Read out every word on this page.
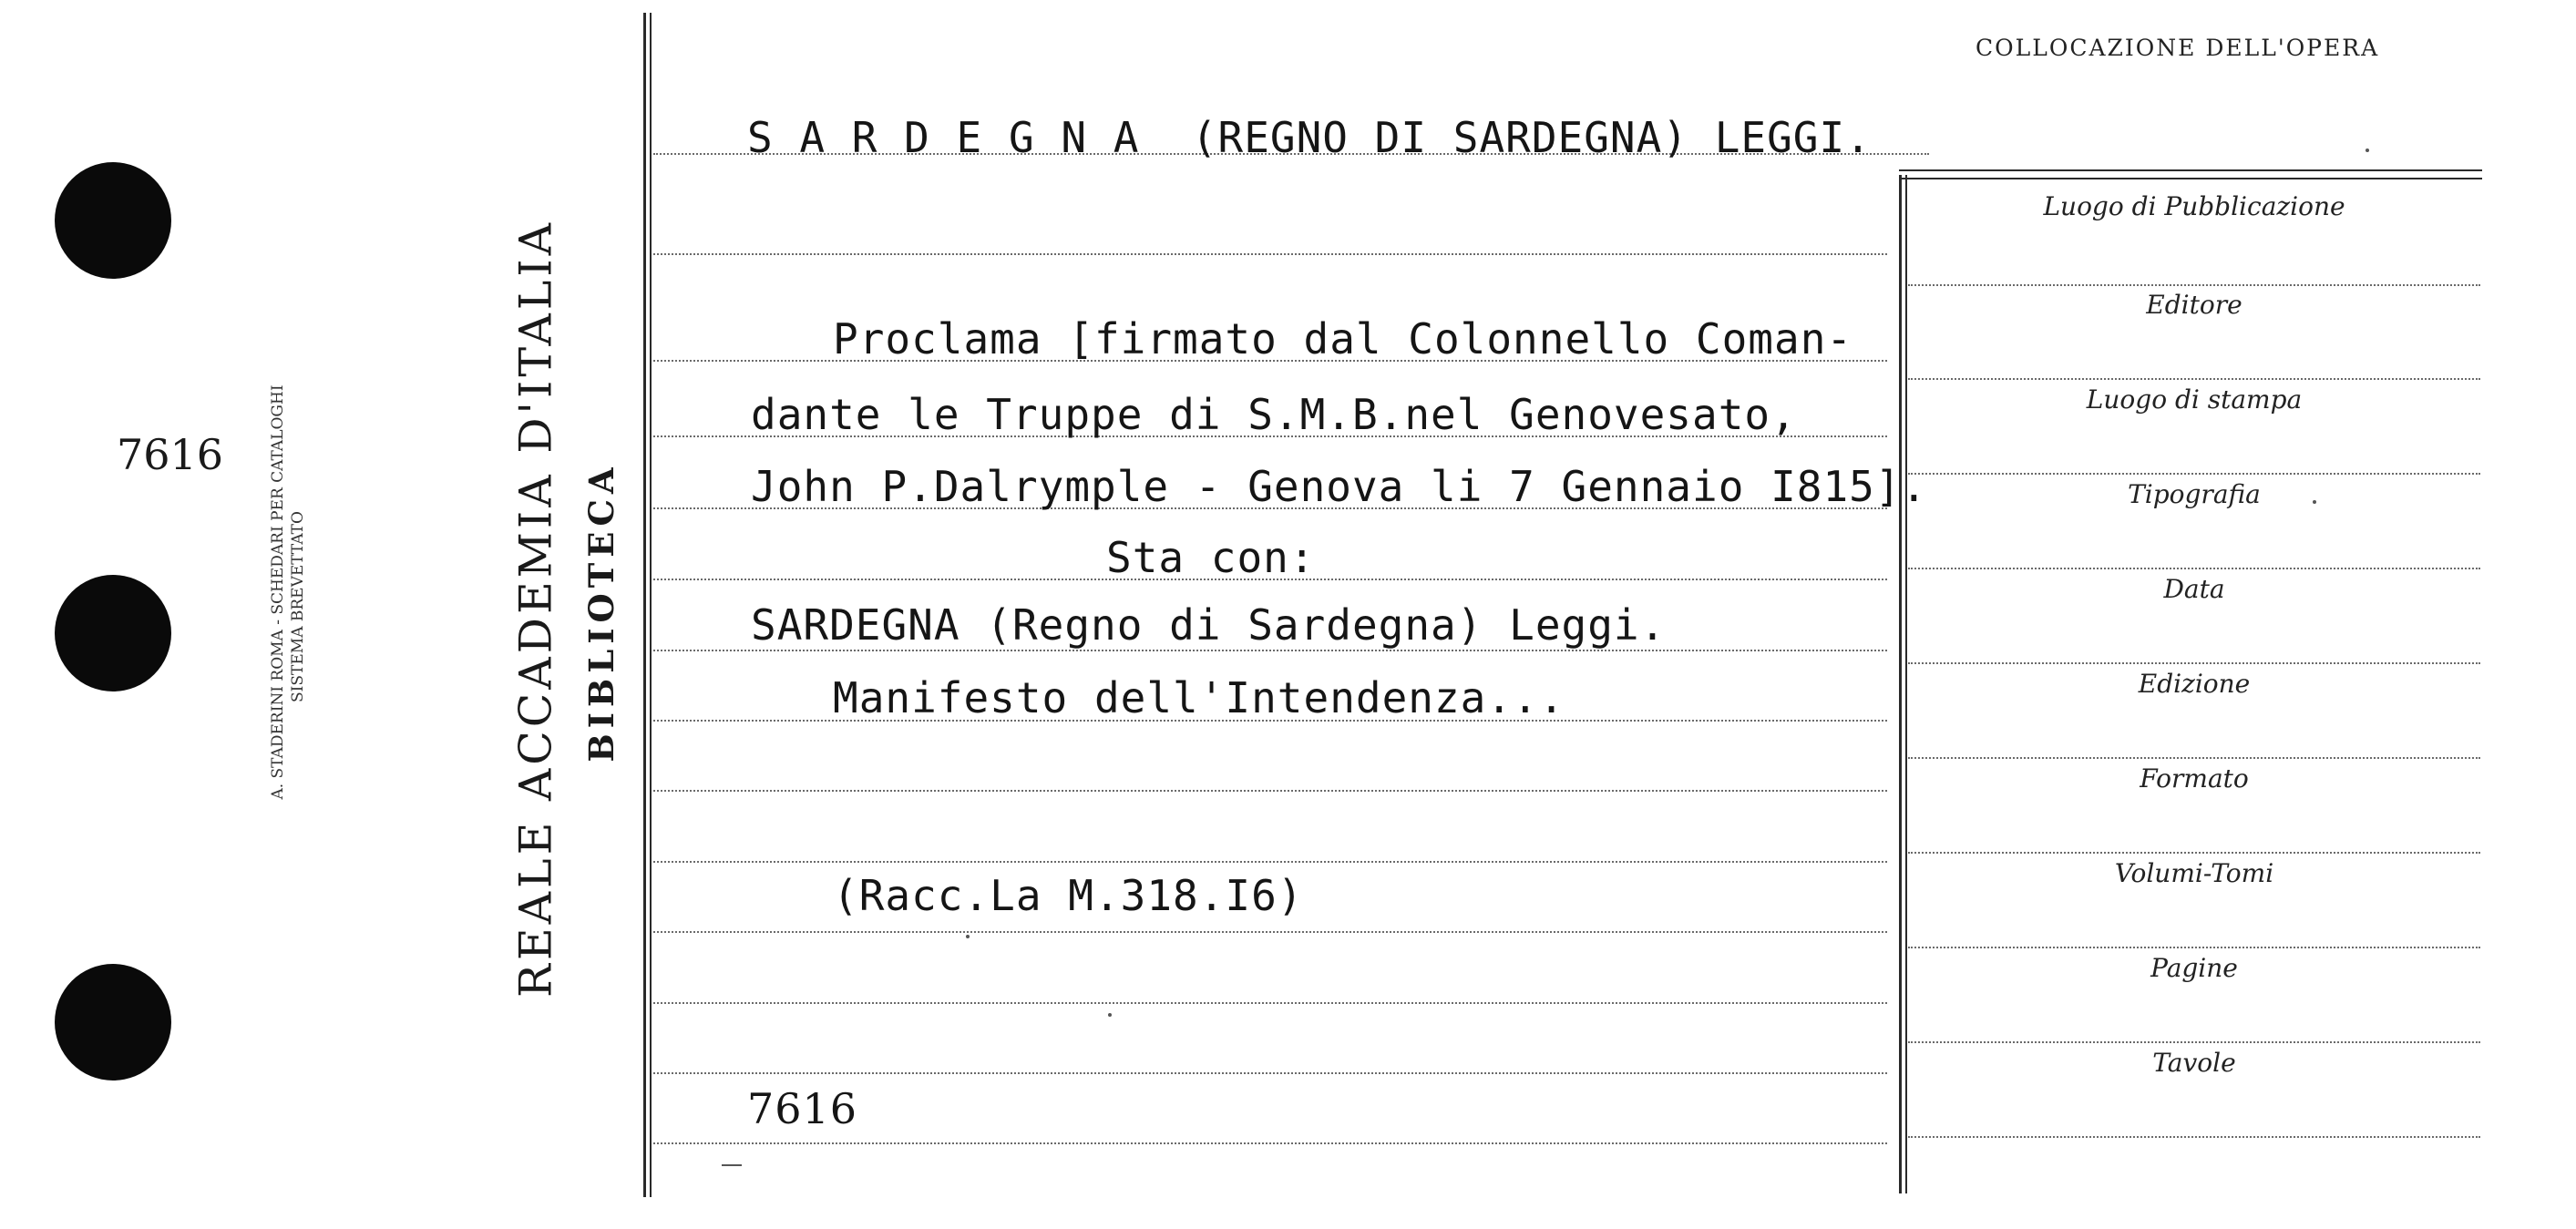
7616	A. STADERINI ROMA - SCHEDARI PER CATALOGHI SISTEMA BREVETTATO	REALE ACCADEMIA D'ITALIA BIBLIOTECA
COLLOCAZIONE DELL'OPERA
S A R D E G N A  (REGNO DI SARDEGNA) LEGGI.
Proclama [firmato dal Colonnello Coman-
dante le Truppe di S.M.B.nel Genovesato,
John P.Dalrymple - Genova li 7 Gennaio I815].
Sta con:
SARDEGNA (Regno di Sardegna) Leggi.
Manifesto dell'Intendenza...
(Racc.La M.318.I6)
7616
Luogo di Pubblicazione
Editore
Luogo di stampa
Tipografia
Data
Edizione
Formato
Volumi-Tomi
Pagine
Tavole
